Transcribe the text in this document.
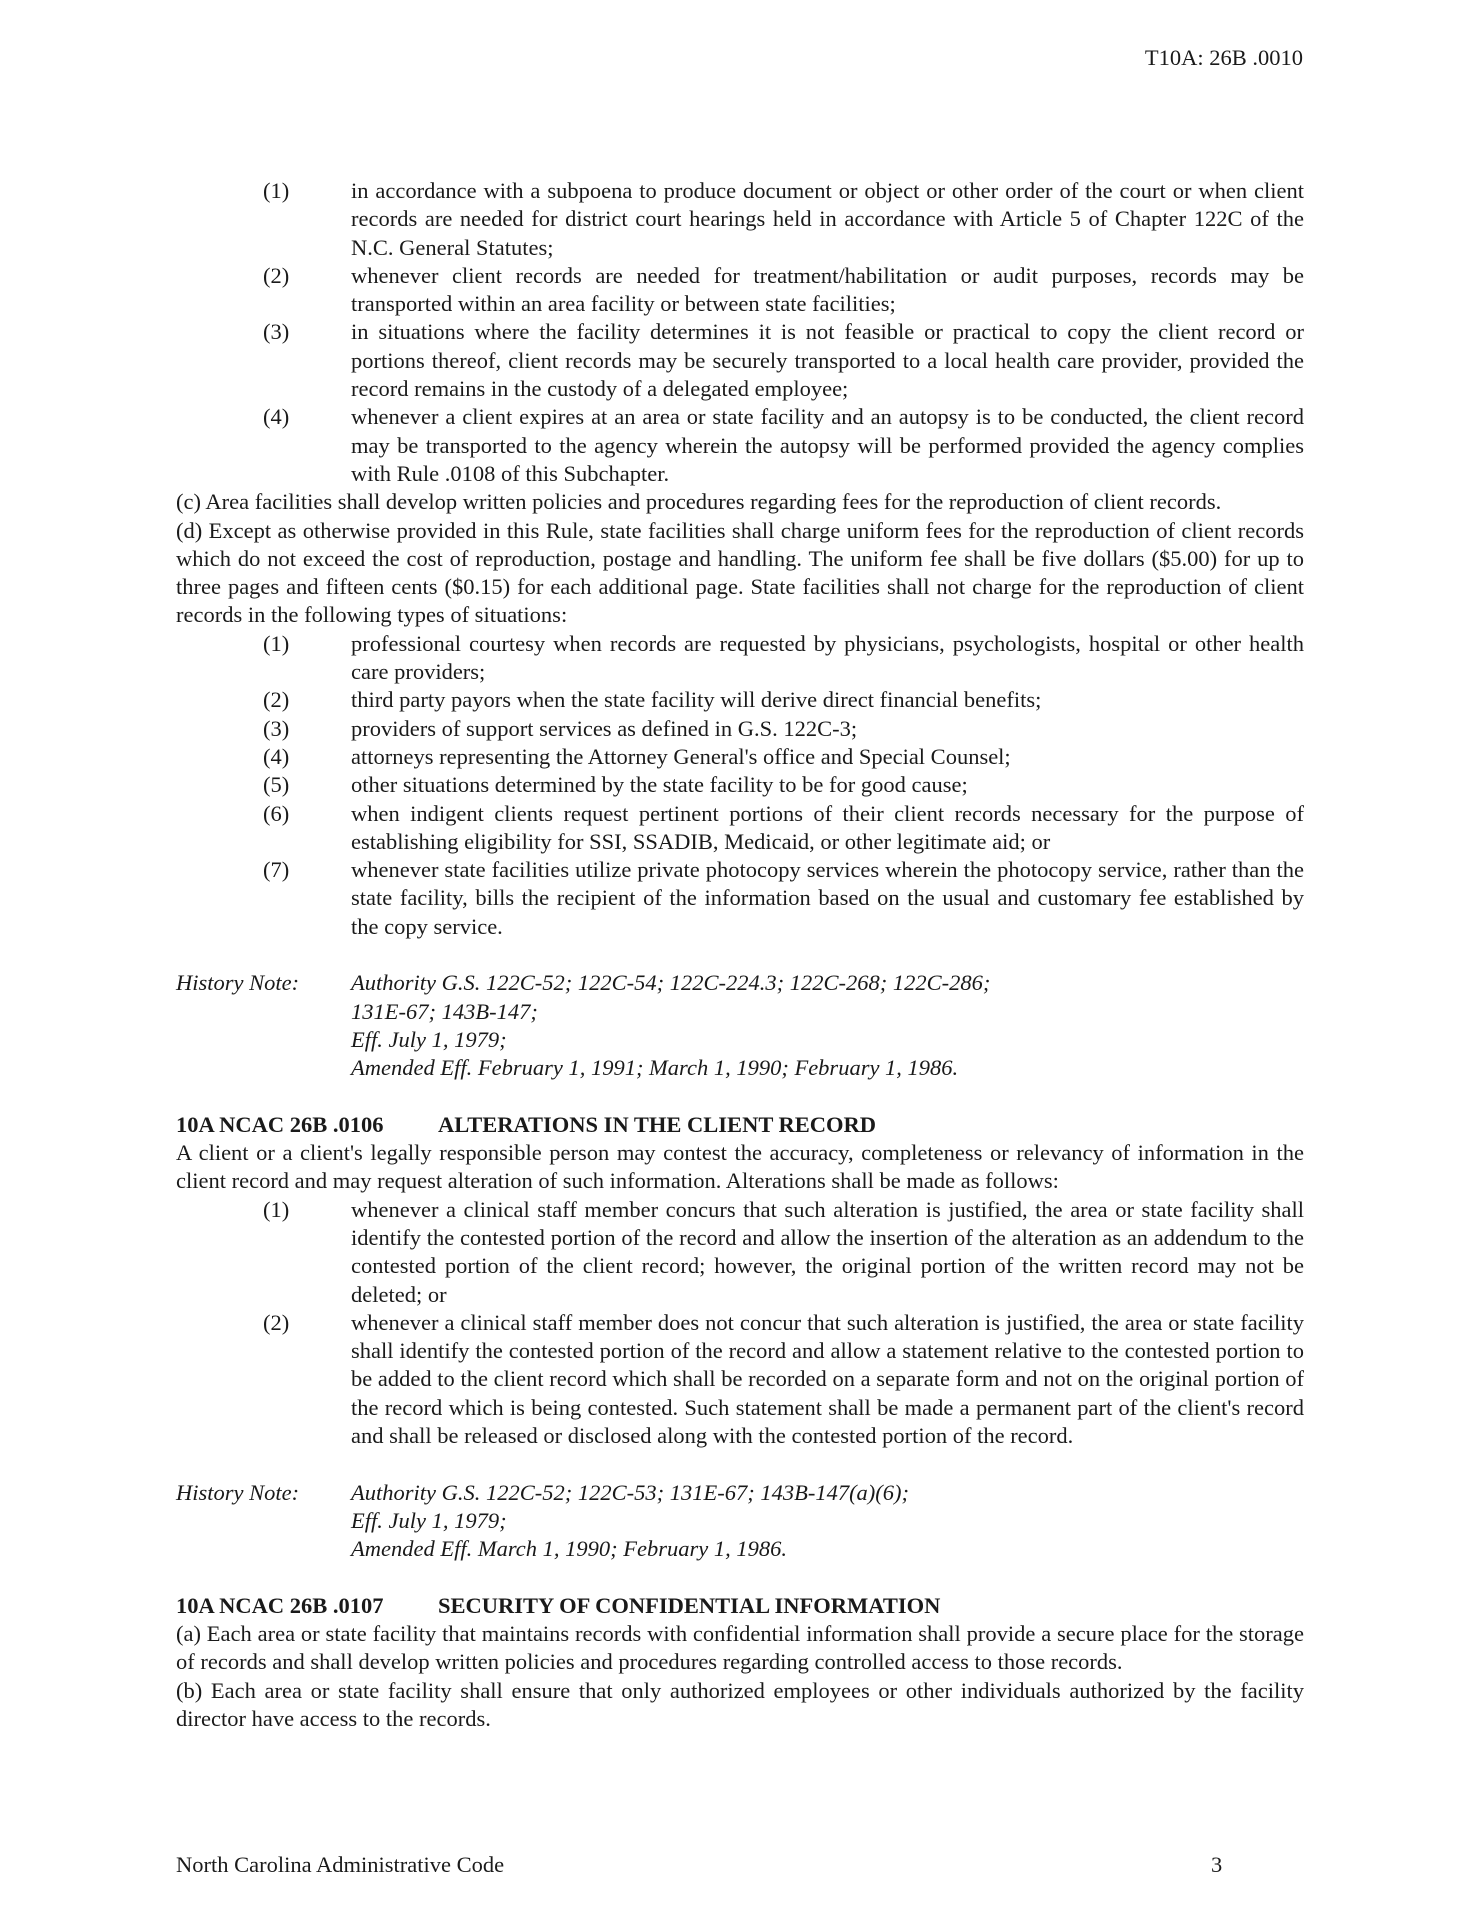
T10A: 26B .0010
(1)	in accordance with a subpoena to produce document or object or other order of the court or when client records are needed for district court hearings held in accordance with Article 5 of Chapter 122C of the N.C. General Statutes;
(2)	whenever client records are needed for treatment/habilitation or audit purposes, records may be transported within an area facility or between state facilities;
(3)	in situations where the facility determines it is not feasible or practical to copy the client record or portions thereof, client records may be securely transported to a local health care provider, provided the record remains in the custody of a delegated employee;
(4)	whenever a client expires at an area or state facility and an autopsy is to be conducted, the client record may be transported to the agency wherein the autopsy will be performed provided the agency complies with Rule .0108 of this Subchapter.

(c) Area facilities shall develop written policies and procedures regarding fees for the reproduction of client records.

(d) Except as otherwise provided in this Rule, state facilities shall charge uniform fees for the reproduction of client records which do not exceed the cost of reproduction, postage and handling. The uniform fee shall be five dollars ($5.00) for up to three pages and fifteen cents ($0.15) for each additional page. State facilities shall not charge for the reproduction of client records in the following types of situations:

(1)	professional courtesy when records are requested by physicians, psychologists, hospital or other health care providers;
(2)	third party payors when the state facility will derive direct financial benefits;
(3)	providers of support services as defined in G.S. 122C-3;
(4)	attorneys representing the Attorney General's office and Special Counsel;
(5)	other situations determined by the state facility to be for good cause;
(6)	when indigent clients request pertinent portions of their client records necessary for the purpose of establishing eligibility for SSI, SSADIB, Medicaid, or other legitimate aid; or
(7)	whenever state facilities utilize private photocopy services wherein the photocopy service, rather than the state facility, bills the recipient of the information based on the usual and customary fee established by the copy service.
History Note:	Authority G.S. 122C-52; 122C-54; 122C-224.3; 122C-268; 122C-286;
131E-67; 143B-147;
Eff. July 1, 1979;
Amended Eff. February 1, 1991; March 1, 1990; February 1, 1986.

10A NCAC 26B .0106 ALTERATIONS IN THE CLIENT RECORD

A client or a client's legally responsible person may contest the accuracy, completeness or relevancy of information in the client record and may request alteration of such information. Alterations shall be made as follows:

(1)	whenever a clinical staff member concurs that such alteration is justified, the area or state facility shall identify the contested portion of the record and allow the insertion of the alteration as an addendum to the contested portion of the client record; however, the original portion of the written record may not be deleted; or
(2)	whenever a clinical staff member does not concur that such alteration is justified, the area or state facility shall identify the contested portion of the record and allow a statement relative to the contested portion to be added to the client record which shall be recorded on a separate form and not on the original portion of the record which is being contested. Such statement shall be made a permanent part of the client's record and shall be released or disclosed along with the contested portion of the record.
History Note:	Authority G.S. 122C-52; 122C-53; 131E-67; 143B-147(a)(6);
Eff. July 1, 1979;
Amended Eff. March 1, 1990; February 1, 1986.

10A NCAC 26B .0107 SECURITY OF CONFIDENTIAL INFORMATION

(a) Each area or state facility that maintains records with confidential information shall provide a secure place for the storage of records and shall develop written policies and procedures regarding controlled access to those records.

(b) Each area or state facility shall ensure that only authorized employees or other individuals authorized by the facility director have access to the records.

North Carolina Administrative Code	3
